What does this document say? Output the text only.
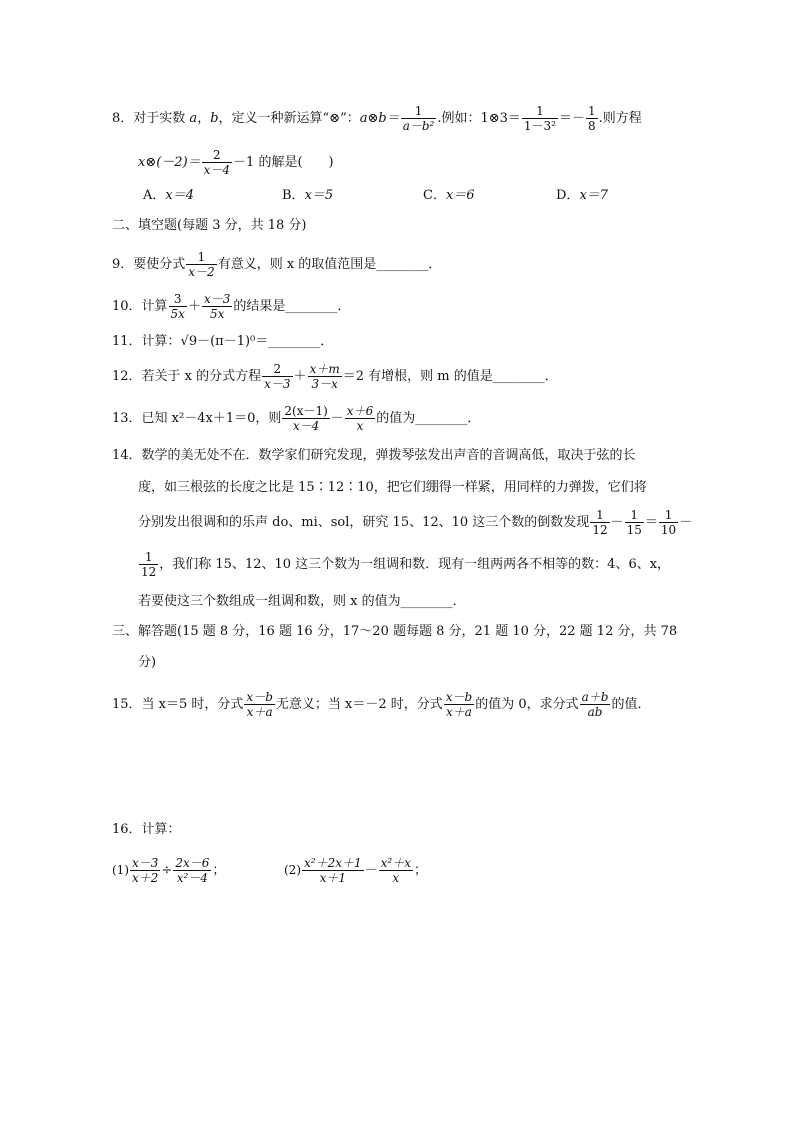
8．对于实数 a，b，定义一种新运算“⊗”：a⊗b＝ $\frac{1}{\text{a－b²}}$ .例如：1⊗3＝ $\frac{1}{\text{1－3²}} =- \frac{1}{8}$ .则方程
x⊗(－2)＝ $\frac{2}{x-4} -1$ 的解是(　　)
A．x＝4	B．x＝5	C．x＝6	D．x＝7
二、填空题(每题 3 分，共 18 分)
9．要使分式 $\frac{1}{x-2}$ 有意义，则 x 的取值范围是________．
10．计算 $\frac{3}{5x} + \frac{x-3}{5x}$ 的结果是________．
11．计算：√9－(π－1)⁰＝________．
12．若关于 x 的分式方程 $\frac{2}{x-3} + \frac{x+m}{3-x} =2$ 有增根，则 m 的值是________．
13．已知 x²－4x＋1＝0，则 $\frac{2(x-1)}{x-4} - \frac{x+6}{x}$ 的值为________．
14．数学的美无处不在．数学家们研究发现，弹拨琴弦发出声音的音调高低，取决于弦的长
度，如三根弦的长度之比是 15∶12∶10，把它们绷得一样紧，用同样的力弹拨，它们将
分别发出很调和的乐声 do、mi、sol，研究 15、12、10 这三个数的倒数发现 $\frac{1}{12} - \frac{1}{15} = \frac{1}{10}$ －
$\frac{1}{12}$ ，我们称 15、12、10 这三个数为一组调和数．现有一组两两各不相等的数：4、6、x，
若要使这三个数组成一组调和数，则 x 的值为________．
三、解答题(15 题 8 分，16 题 16 分，17～20 题每题 8 分，21 题 10 分，22 题 12 分，共 78
分)
15．当 x＝5 时，分式 $\frac{x-b}{x+a}$ 无意义；当 x＝－2 时，分式 $\frac{x-b}{x+a}$ 的值为 0，求分式 $\frac{a+b}{ab}$ 的值．
16．计算：
$(1) \frac{x-3}{x+2} \div \frac{2x-6}{\text{x²－4}}$ ；	$(2) \frac{\text{x²＋2x＋1}}{x+1} - \frac{\text{x²＋x}}{x}$ ；
